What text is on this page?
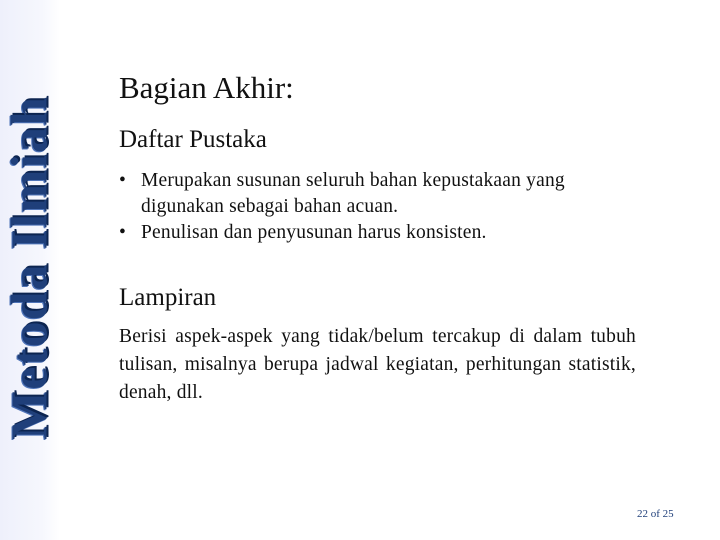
Metoda Ilmiah
Bagian Akhir:
Daftar Pustaka
• Merupakan susunan seluruh bahan kepustakaan yang digunakan sebagai bahan acuan.
• Penulisan dan penyusunan harus konsisten.
Lampiran

Berisi aspek-aspek yang tidak/belum tercakup di dalam tubuh tulisan, misalnya berupa jadwal kegiatan, perhitungan statistik, denah, dll.

22 of 25
